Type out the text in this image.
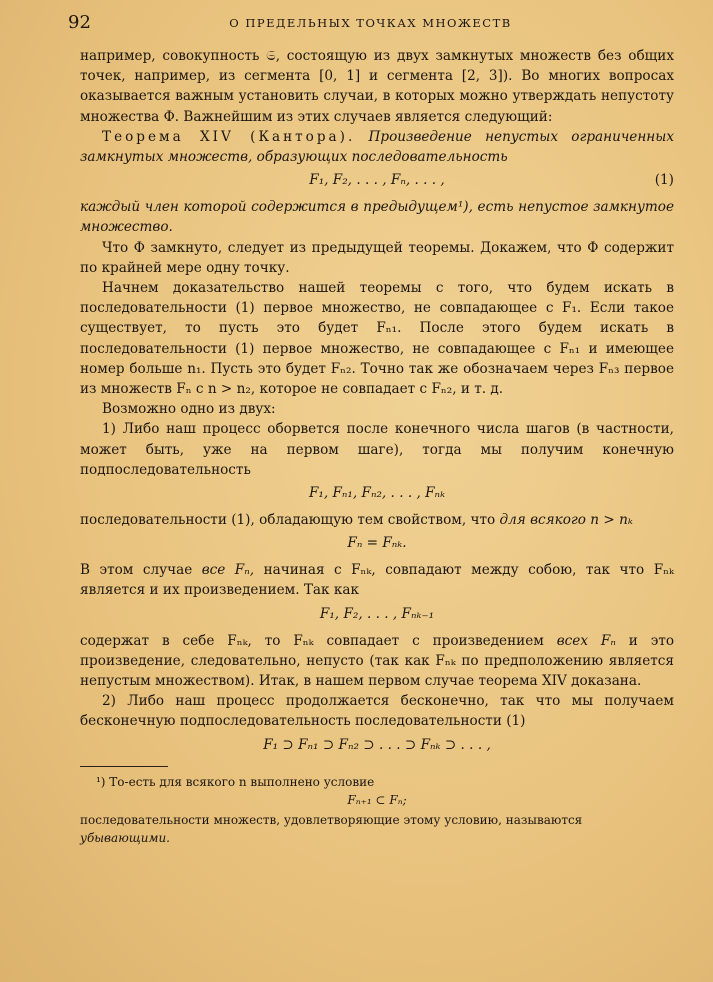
92	О ПРЕДЕЛЬНЫХ ТОЧКАХ МНОЖЕСТВ

например, совокупность 𝔖, состоящую из двух замкнутых множеств без общих точек, например, из сегмента [0, 1] и сегмента [2, 3]). Во многих вопросах оказывается важным установить случаи, в которых можно утверждать непустоту множества Φ. Важнейшим из этих случаев является следующий:

Теорема XIV (Кантора). Произведение непустых ограниченных замкнутых множеств, образующих последовательность

F₁, F₂, . . . , Fₙ, . . . ,	(1)

каждый член которой содержится в предыдущем¹), есть непустое замкнутое множество.

Что Φ замкнуто, следует из предыдущей теоремы. Докажем, что Φ содержит по крайней мере одну точку.

Начнем доказательство нашей теоремы с того, что будем искать в последовательности (1) первое множество, не совпадающее с F₁. Если такое существует, то пусть это будет Fₙ₁. После этого будем искать в последовательности (1) первое множество, не совпадающее с Fₙ₁ и имеющее номер больше n₁. Пусть это будет Fₙ₂. Точно так же обозначаем через Fₙ₃ первое из множеств Fₙ с n > n₂, которое не совпадает с Fₙ₂, и т. д.

Возможно одно из двух:

1) Либо наш процесс оборвется после конечного числа шагов (в частности, может быть, уже на первом шаге), тогда мы получим конечную подпоследовательность

F₁, Fₙ₁, Fₙ₂, . . . , Fₙₖ

последовательности (1), обладающую тем свойством, что для всякого n > nₖ

Fₙ = Fₙₖ.

В этом случае все Fₙ, начиная с Fₙₖ, совпадают между собою, так что Fₙₖ является и их произведением. Так как

F₁, F₂, . . . , Fₙₖ₋₁

содержат в себе Fₙₖ, то Fₙₖ совпадает с произведением всех Fₙ и это произведение, следовательно, непусто (так как Fₙₖ по предположению является непустым множеством). Итак, в нашем первом случае теорема XIV доказана.

2) Либо наш процесс продолжается бесконечно, так что мы получаем бесконечную подпоследовательность последовательности (1)

F₁ ⊃ Fₙ₁ ⊃ Fₙ₂ ⊃ . . . ⊃ Fₙₖ ⊃ . . . ,

¹) То-есть для всякого n выполнено условие

Fₙ₊₁ ⊂ Fₙ;

последовательности множеств, удовлетворяющие этому условию, называются

убывающими.
